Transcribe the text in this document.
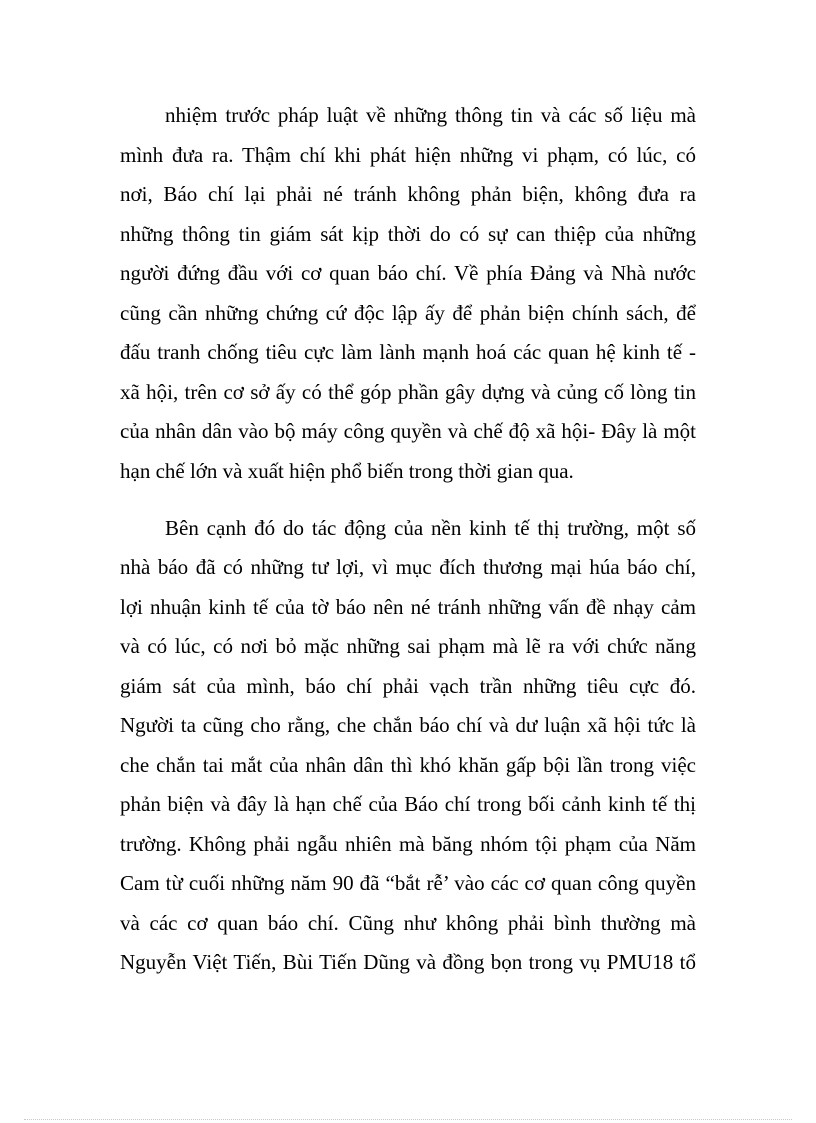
nhiệm trước pháp luật về những thông tin và các số liệu mà
mình đưa ra. Thậm chí khi phát hiện những vi phạm, có lúc, có
nơi, Báo chí lại phải né tránh không phản biện, không đưa ra
những thông tin giám sát kịp thời do có sự can thiệp của những
người đứng đầu với cơ quan báo chí. Về phía Đảng và Nhà nước
cũng cần những chứng cứ độc lập ấy để phản biện chính sách, để
đấu tranh chống tiêu cực làm lành mạnh hoá các quan hệ kinh tế -
xã hội, trên cơ sở ấy có thể góp phần gây dựng và củng cố lòng tin
của nhân dân vào bộ máy công quyền và chế độ xã hội- Đây là một
hạn chế lớn và xuất hiện phổ biến trong thời gian qua.
Bên cạnh đó do tác động của nền kinh tế thị trường, một số
nhà báo đã có những tư lợi, vì mục đích thương mại húa báo chí,
lợi nhuận kinh tế của tờ báo nên né tránh những vấn đề nhạy cảm
và có lúc, có nơi bỏ mặc những sai phạm mà lẽ ra với chức năng
giám sát của mình, báo chí phải vạch trần những tiêu cực đó.
Người ta cũng cho rằng, che chắn báo chí và dư luận xã hội tức là
che chắn tai mắt của nhân dân thì khó khăn gấp bội lần trong việc
phản biện và đây là hạn chế của Báo chí trong bối cảnh kinh tế thị
trường. Không phải ngẫu nhiên mà băng nhóm tội phạm của Năm
Cam từ cuối những năm 90 đã “bắt rễ’ vào các cơ quan công quyền
và các cơ quan báo chí. Cũng như không phải bình thường mà
Nguyễn Việt Tiến, Bùi Tiến Dũng và đồng bọn trong vụ PMU18 tổ
